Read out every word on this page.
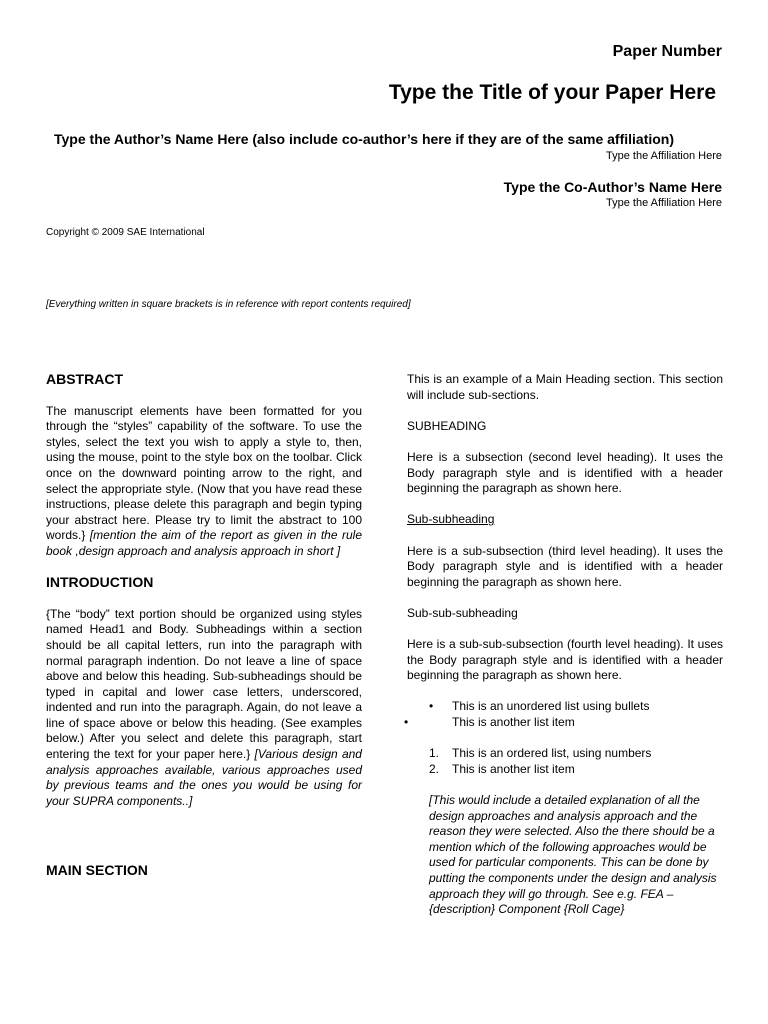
Paper Number
Type the Title of your Paper Here
Type the Author’s Name Here (also include co-author’s here if they are of the same affiliation)
Type the Affiliation Here
Type the Co-Author’s Name Here
Type the Affiliation Here
Copyright © 2009 SAE International
[Everything written in square brackets is in reference with report contents required]
ABSTRACT

The manuscript elements have been formatted for you through the “styles” capability of the software. To use the styles, select the text you wish to apply a style to, then, using the mouse, point to the style box on the toolbar. Click once on the downward pointing arrow to the right, and select the appropriate style. (Now that you have read these instructions, please delete this paragraph and begin typing your abstract here. Please try to limit the abstract to 100 words.} [mention the aim of the report as given in the rule book ,design approach and analysis approach in short ]

INTRODUCTION

{The “body” text portion should be organized using styles named Head1 and Body. Subheadings within a section should be all capital letters, run into the paragraph with normal paragraph indention. Do not leave a line of space above and below this heading. Sub-subheadings should be typed in capital and lower case letters, underscored, indented and run into the paragraph. Again, do not leave a line of space above or below this heading. (See examples below.) After you select and delete this paragraph, start entering the text for your paper here.} [Various design and analysis approaches available, various approaches used by previous teams and the ones you would be using for your SUPRA components..]

MAIN SECTION

This is an example of a Main Heading section. This section will include sub-sections.

SUBHEADING

Here is a subsection (second level heading). It uses the Body paragraph style and is identified with a header beginning the paragraph as shown here.

Sub-subheading

Here is a sub-subsection (third level heading). It uses the Body paragraph style and is identified with a header beginning the paragraph as shown here.

Sub-sub-subheading

Here is a sub-sub-subsection (fourth level heading). It uses the Body paragraph style and is identified with a header beginning the paragraph as shown here.

• This is an unordered list using bullets
•	This is another list item
1. This is an ordered list, using numbers
2. This is another list item

[This would include a detailed explanation of all the design approaches and analysis approach and the reason they were selected. Also the there should be a mention which of the following approaches would be used for particular components. This can be done by putting the components under the design and analysis approach they will go through. See e.g. FEA – {description} Component {Roll Cage}
